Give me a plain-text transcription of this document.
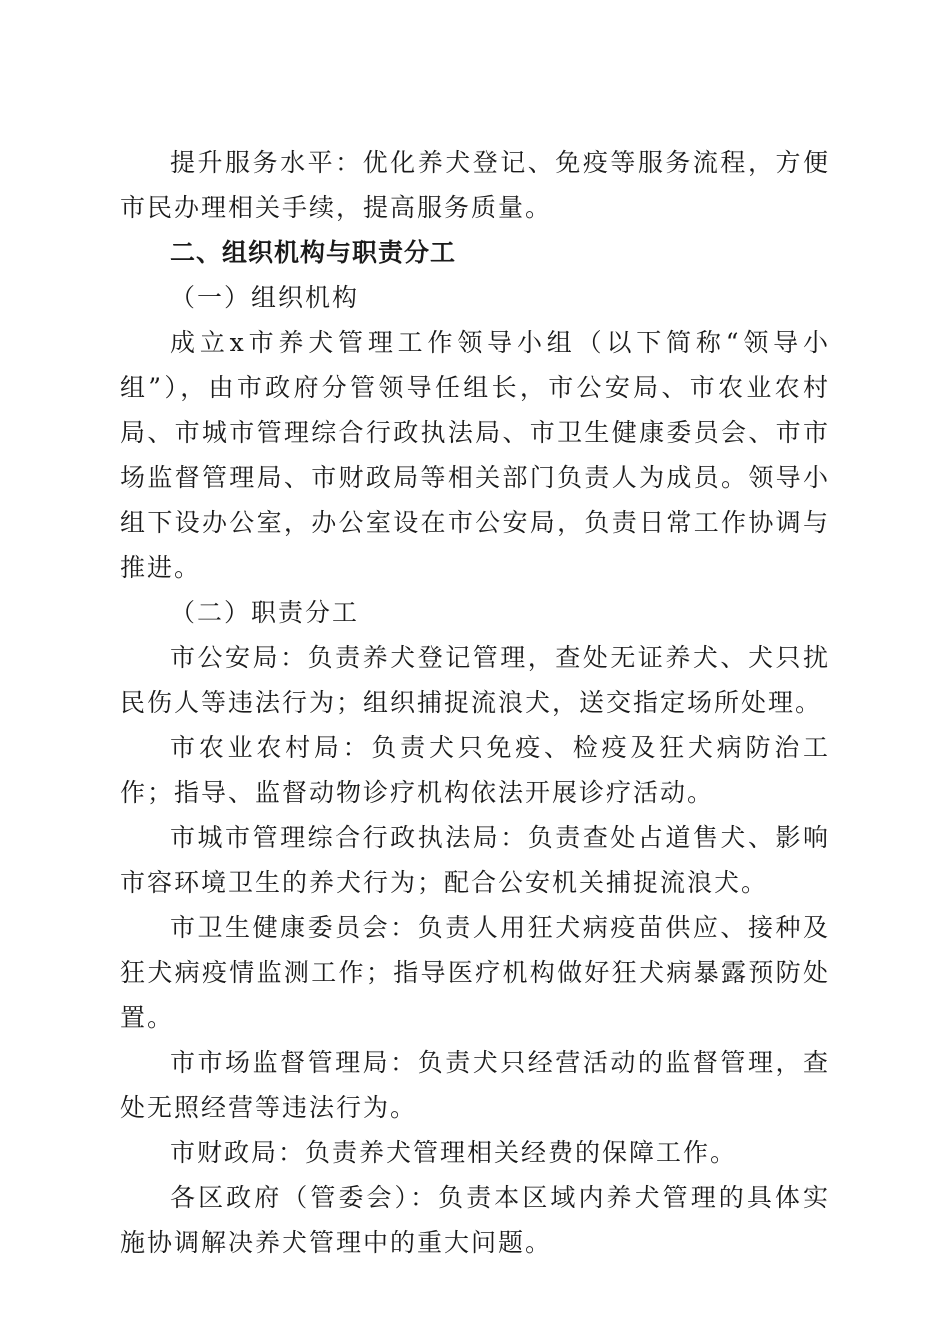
提升服务水平：优化养犬登记、免疫等服务流程，方便市民办理相关手续，提高服务质量。

二、组织机构与职责分工

（一）组织机构

成立x市养犬管理工作领导小组（以下简称“领导小组”），由市政府分管领导任组长，市公安局、市农业农村局、市城市管理综合行政执法局、市卫生健康委员会、市市场监督管理局、市财政局等相关部门负责人为成员。领导小组下设办公室，办公室设在市公安局，负责日常工作协调与推进。

（二）职责分工

市公安局：负责养犬登记管理，查处无证养犬、犬只扰民伤人等违法行为；组织捕捉流浪犬，送交指定场所处理。

市农业农村局：负责犬只免疫、检疫及狂犬病防治工作；指导、监督动物诊疗机构依法开展诊疗活动。

市城市管理综合行政执法局：负责查处占道售犬、影响市容环境卫生的养犬行为；配合公安机关捕捉流浪犬。

市卫生健康委员会：负责人用狂犬病疫苗供应、接种及狂犬病疫情监测工作；指导医疗机构做好狂犬病暴露预防处置。

市市场监督管理局：负责犬只经营活动的监督管理，查处无照经营等违法行为。

市财政局：负责养犬管理相关经费的保障工作。

各区政府（管委会）：负责本区域内养犬管理的具体实施协调解决养犬管理中的重大问题。
